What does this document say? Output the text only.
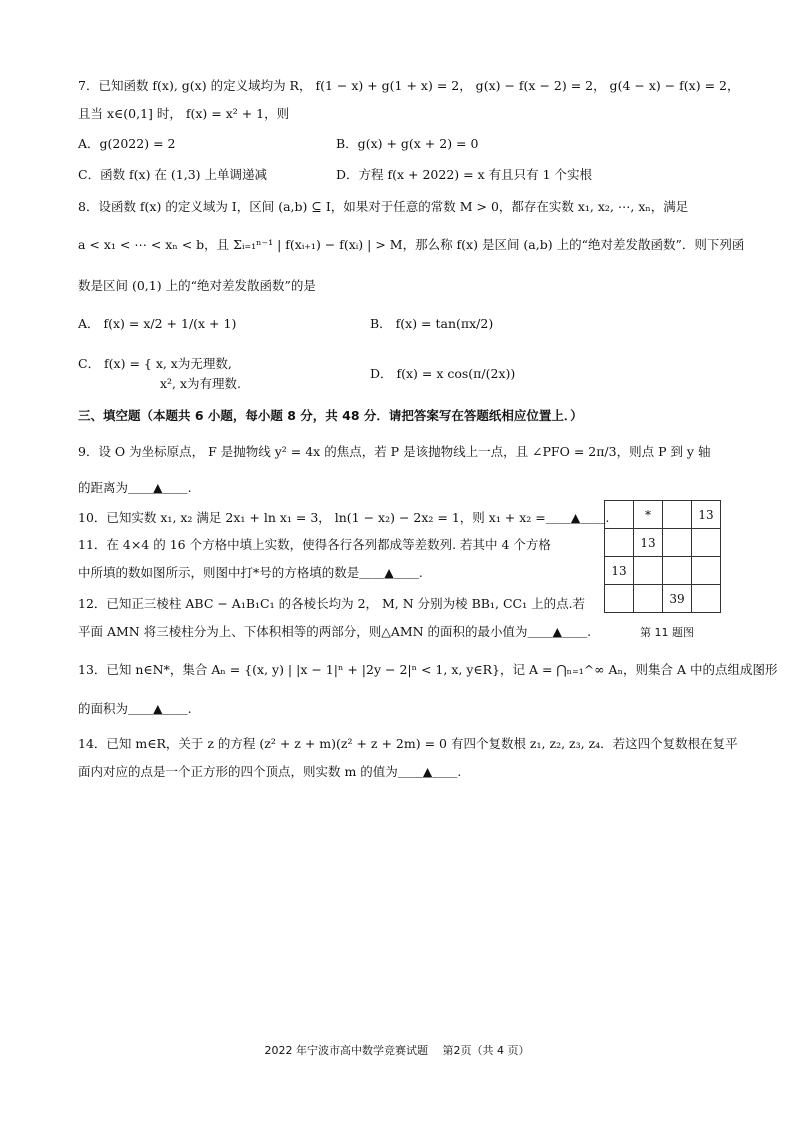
7．已知函数 f(x), g(x) 的定义域均为 R， f(1 − x) + g(1 + x) = 2， g(x) − f(x − 2) = 2， g(4 − x) − f(x) = 2，
且当 x∈(0,1] 时， f(x) = x² + 1，则
A．g(2022) = 2	B．g(x) + g(x + 2) = 0
C．函数 f(x) 在 (1,3) 上单调递减	D．方程 f(x + 2022) = x 有且只有 1 个实根
8．设函数 f(x) 的定义域为 I，区间 (a,b) ⊆ I，如果对于任意的常数 M > 0，都存在实数 x₁, x₂, ⋯, xₙ，满足
a < x₁ < ⋯ < xₙ < b，且 Σᵢ₌₁ⁿ⁻¹ | f(xᵢ₊₁) − f(xᵢ) | > M，那么称 f(x) 是区间 (a,b) 上的“绝对差发散函数”．则下列函
数是区间 (0,1) 上的“绝对差发散函数”的是
A． f(x) = x/2 + 1/(x + 1)	B． f(x) = tan(πx/2)
C． f(x) = { x, x为无理数,
x², x为有理数.
D． f(x) = x cos(π/(2x))
三、填空题（本题共 6 小题，每小题 8 分，共 48 分．请把答案写在答题纸相应位置上．）
9．设 O 为坐标原点， F 是抛物线 y² = 4x 的焦点，若 P 是该抛物线上一点，且 ∠PFO = 2π/3，则点 P 到 y 轴
的距离为＿＿▲＿＿.
10．已知实数 x₁, x₂ 满足 2x₁ + ln x₁ = 3， ln(1 − x₂) − 2x₂ = 1，则 x₁ + x₂ =＿＿▲＿＿.
11．在 4×4 的 16 个方格中填上实数，使得各行各列都成等差数列. 若其中 4 个方格
中所填的数如图所示，则图中打*号的方格填的数是＿＿▲＿＿.
	*		13
	13		
13			
		39	
12．已知正三棱柱 ABC − A₁B₁C₁ 的各棱长均为 2， M, N 分别为棱 BB₁, CC₁ 上的点.若
平面 AMN 将三棱柱分为上、下体积相等的两部分，则△AMN 的面积的最小值为＿＿▲＿＿.	第 11 题图
13．已知 n∈N*，集合 Aₙ = {(x, y) | |x − 1|ⁿ + |2y − 2|ⁿ < 1, x, y∈R}，记 A = ⋂ₙ₌₁^∞ Aₙ，则集合 A 中的点组成图形
的面积为＿＿▲＿＿.
14．已知 m∈R，关于 z 的方程 (z² + z + m)(z² + z + 2m) = 0 有四个复数根 z₁, z₂, z₃, z₄．若这四个复数根在复平
面内对应的点是一个正方形的四个顶点，则实数 m 的值为＿＿▲＿＿.
2022 年宁波市高中数学竞赛试题　 第2页（共 4 页）
